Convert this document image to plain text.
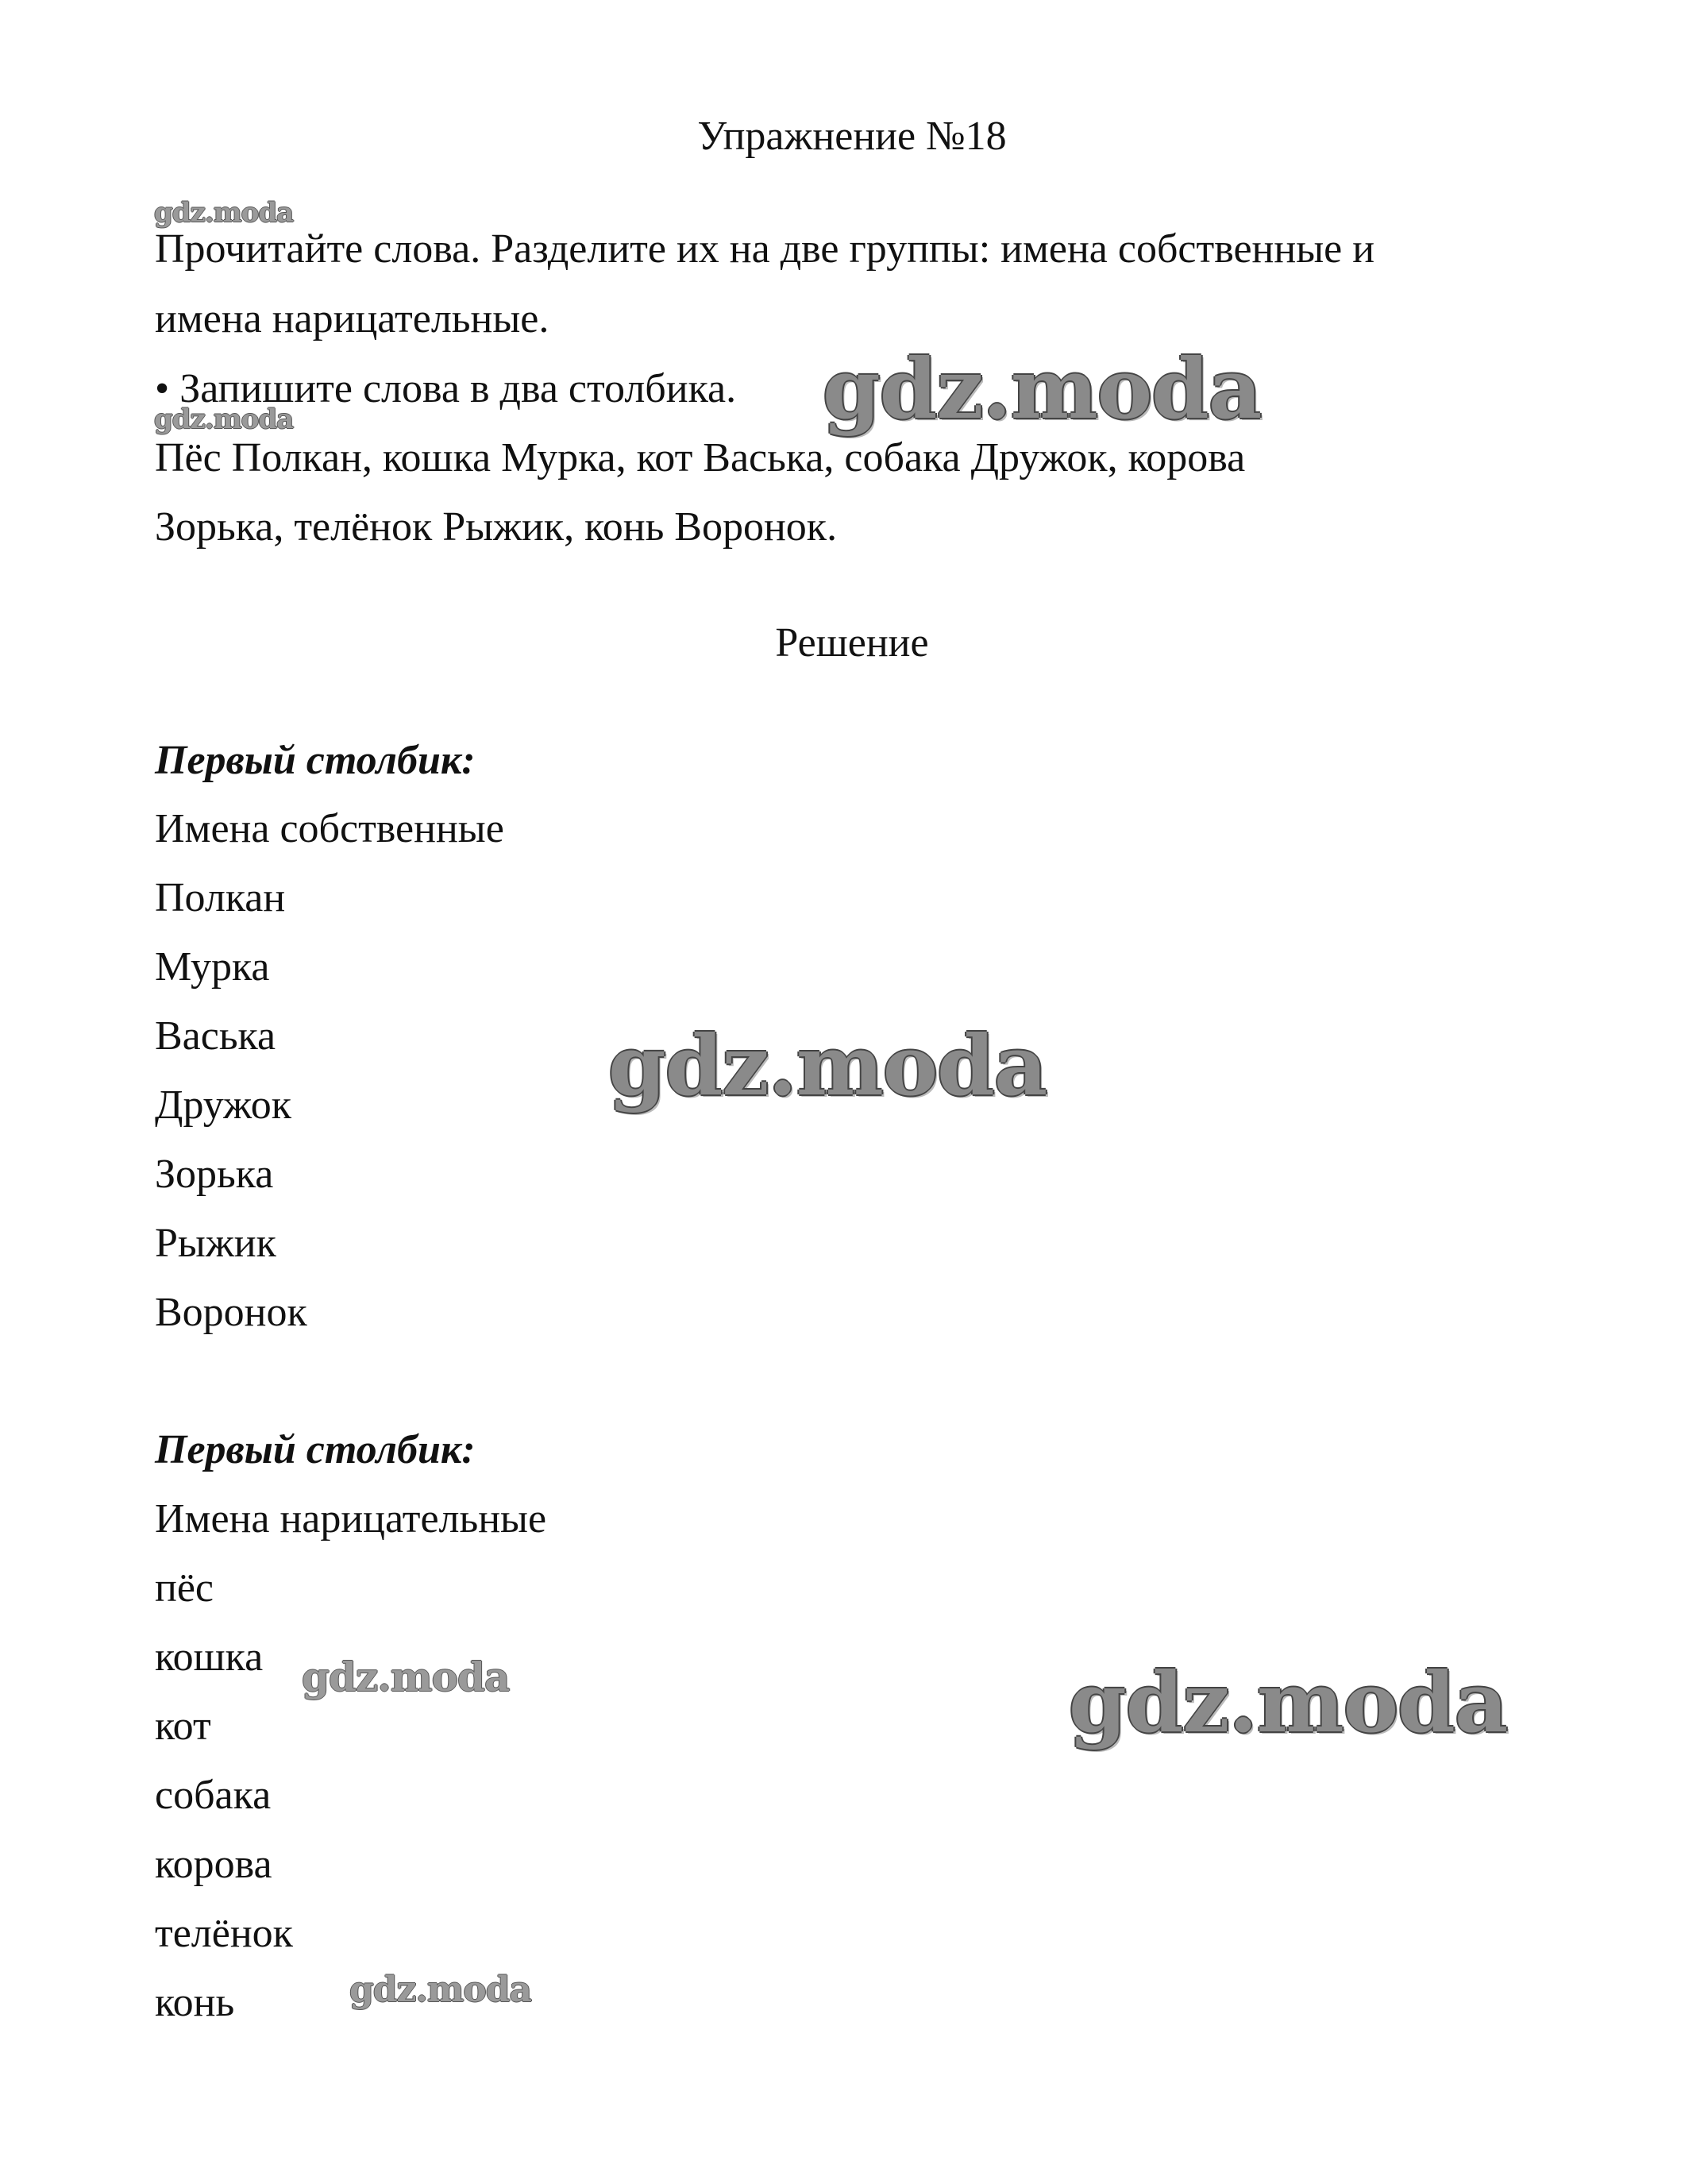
Упражнение №18
Прочитайте слова. Разделите их на две группы: имена собственные и
имена нарицательные.
• Запишите слова в два столбика.
Пёс Полкан, кошка Мурка, кот Васька, собака Дружок, корова
Зорька, телёнок Рыжик, конь Воронок.
Решение
Первый столбик:
Имена собственные
Полкан
Мурка
Васька
Дружок
Зорька
Рыжик
Воронок
Первый столбик:
Имена нарицательные
пёс
кошка
кот
собака
корова
телёнок
конь
gdz.moda
gdz.moda	gdz.moda
gdz.moda
gdz.moda
gdz.moda
gdz.moda
